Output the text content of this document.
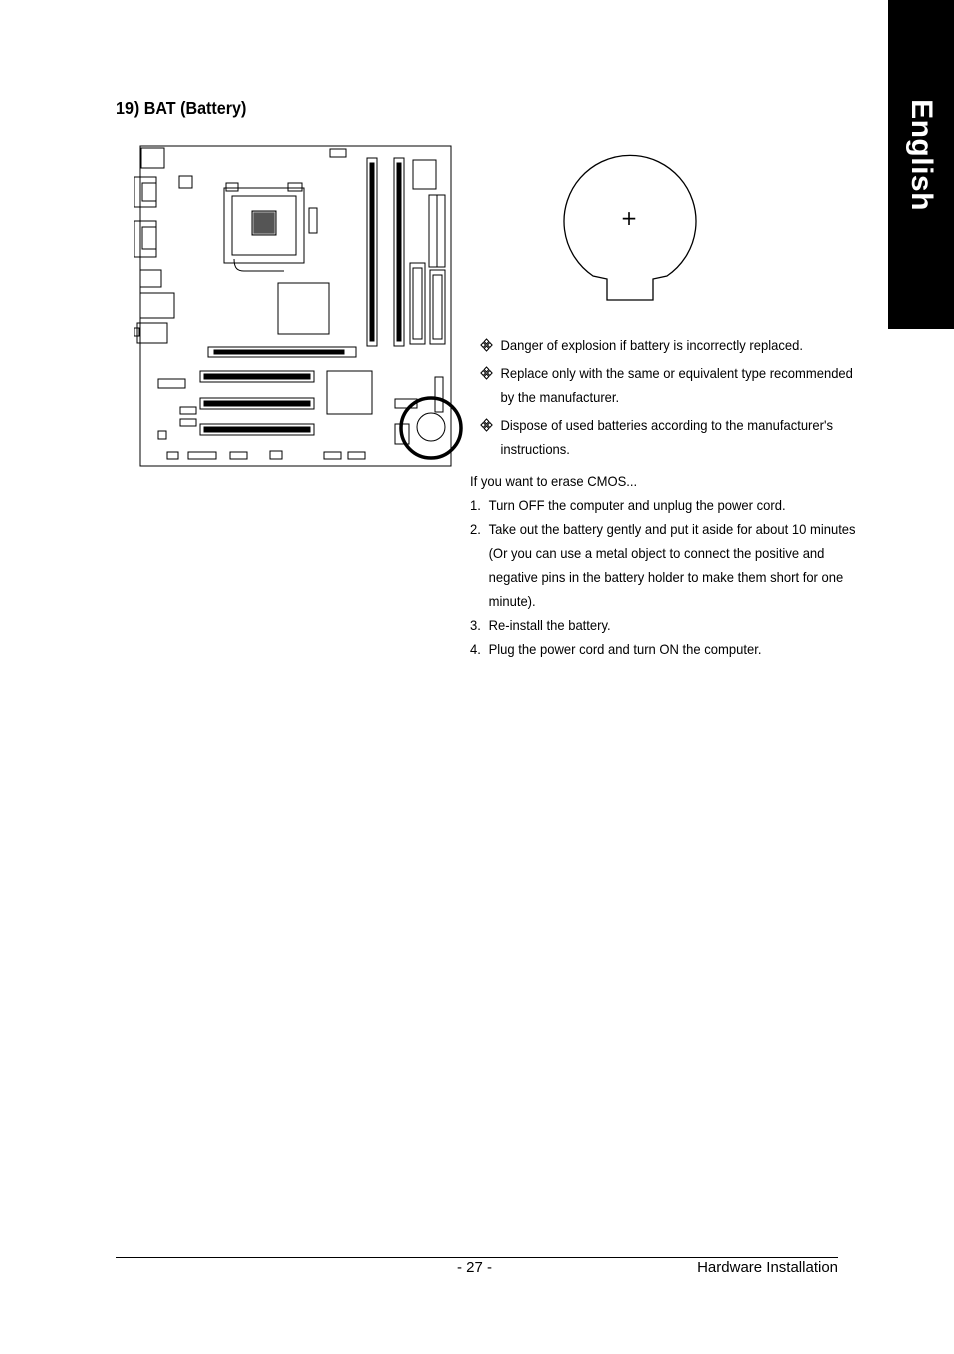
English
19) BAT (Battery)
+
Danger of explosion if battery is incorrectly replaced.
Replace only with the same or equivalent type recommended by the manufacturer.
Dispose of used batteries according to the manufacturer's instructions.

If you want to erase CMOS...

1. Turn OFF the computer and unplug the power cord.
2. Take out the battery gently and put it aside for about 10 minutes (Or you can use a metal object to connect the positive and negative pins in the battery holder to make them short for one minute).
3. Re-install the battery.
4. Plug the power cord and turn ON the computer.
- 27 -	Hardware Installation
